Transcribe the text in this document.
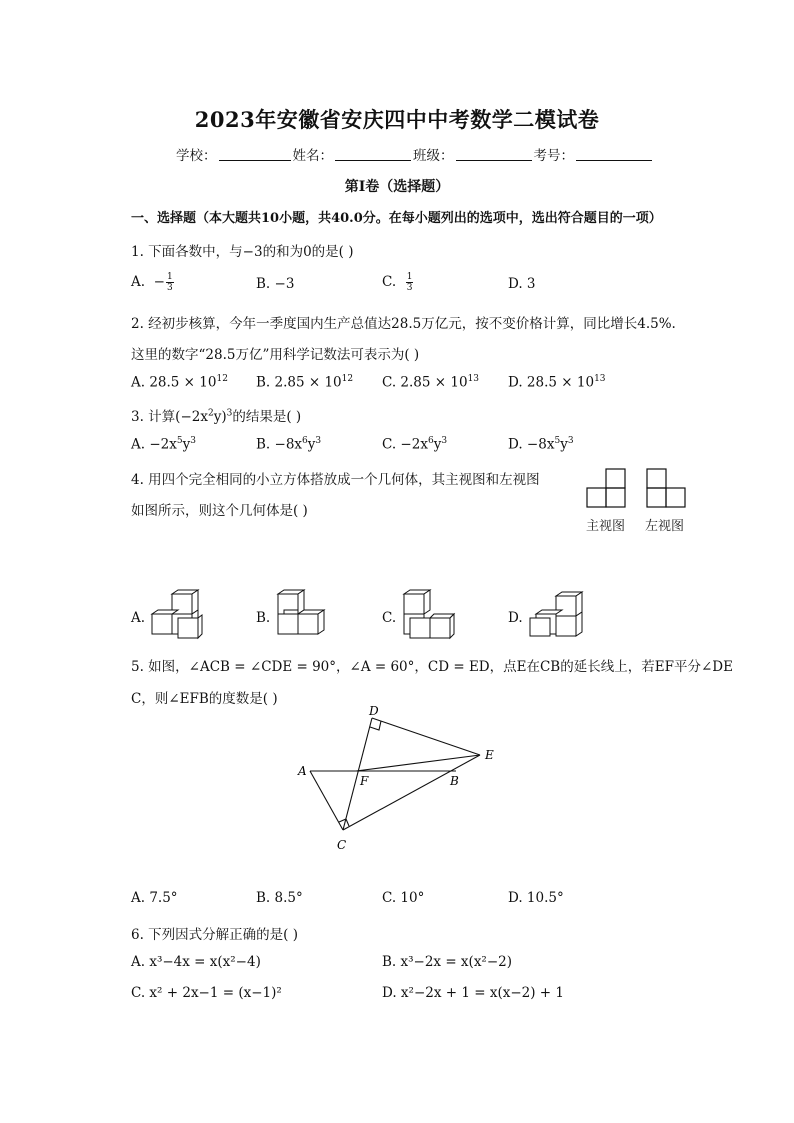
2023年安徽省安庆四中中考数学二模试卷
学校：	姓名：	班级：	考号：
第I卷（选择题）
一、选择题（本大题共10小题，共40.0分。在每小题列出的选项中，选出符合题目的一项）
1. 下面各数中，与−3的和为0的是( )
A. − $\frac{1}{3}$	B. −3	C. $\frac{1}{3}$	D. 3
2. 经初步核算，今年一季度国内生产总值达28.5万亿元，按不变价格计算，同比增长4.5%.
这里的数字“28.5万亿”用科学记数法可表示为( )
A. $28.5 \times 10^{12}$ B. $2.85 \times 10^{12}$ C. $2.85 \times 10^{13}$ D. $28.5 \times 10^{13}$
3. 计算$(-2x^2y)^3$的结果是( )
A. $-2x^5y^3$	B. $-8x^6y^3$	C. $-2x^6y^3$	D. $-8x^5y^3$
4. 用四个完全相同的小立方体搭放成一个几何体，其主视图和左视图
如图所示，则这个几何体是( )
主视图 左视图
A.	B.	C.	D.
5. 如图，∠ACB = ∠CDE = 90°，∠A = 60°，CD = ED，点E在CB的延长线上，若EF平分∠DE
C，则∠EFB的度数是( )
A
B
C
D
E
F
A. 7.5°	B. 8.5°	C. 10°	D. 10.5°
6. 下列因式分解正确的是( )
A. x³−4x = x(x²−4)	B. x³−2x = x(x²−2)
C. x² + 2x−1 = (x−1)²	D. x²−2x + 1 = x(x−2) + 1
